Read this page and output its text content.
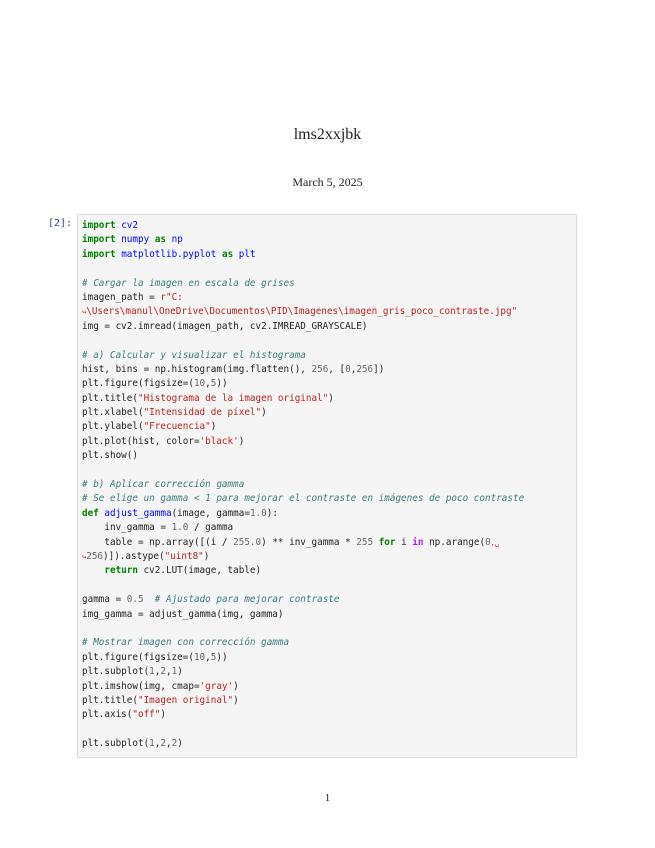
lms2xxjbk
March 5, 2025
[2]: import cv2
import numpy as np
import matplotlib.pyplot as plt
# Cargar la imagen en escala de grises
imagen_path = r"C:
↪\Users\manul\OneDrive\Documentos\PID\Imagenes\imagen_gris_poco_contraste.jpg"
img = cv2.imread(imagen_path, cv2.IMREAD_GRAYSCALE)
# a) Calcular y visualizar el histograma
hist, bins = np.histogram(img.flatten(), 256, [0,256])
plt.figure(figsize=(10,5))
plt.title("Histograma de la imagen original")
plt.xlabel("Intensidad de píxel")
plt.ylabel("Frecuencia")
plt.plot(hist, color='black')
plt.show()
# b) Aplicar corrección gamma
# Se elige un gamma < 1 para mejorar el contraste en imágenes de poco contraste
def adjust_gamma(image, gamma=1.0):
inv_gamma = 1.0 / gamma
table = np.array([(i / 255.0) ** inv_gamma * 255 for i in np.arange(0,␣
↪256)]).astype("uint8")
return cv2.LUT(image, table)
gamma = 0.5 # Ajustado para mejorar contraste
img_gamma = adjust_gamma(img, gamma)
# Mostrar imagen con corrección gamma
plt.figure(figsize=(10,5))
plt.subplot(1,2,1)
plt.imshow(img, cmap='gray')
plt.title("Imagen original")
plt.axis("off")
plt.subplot(1,2,2)
1
